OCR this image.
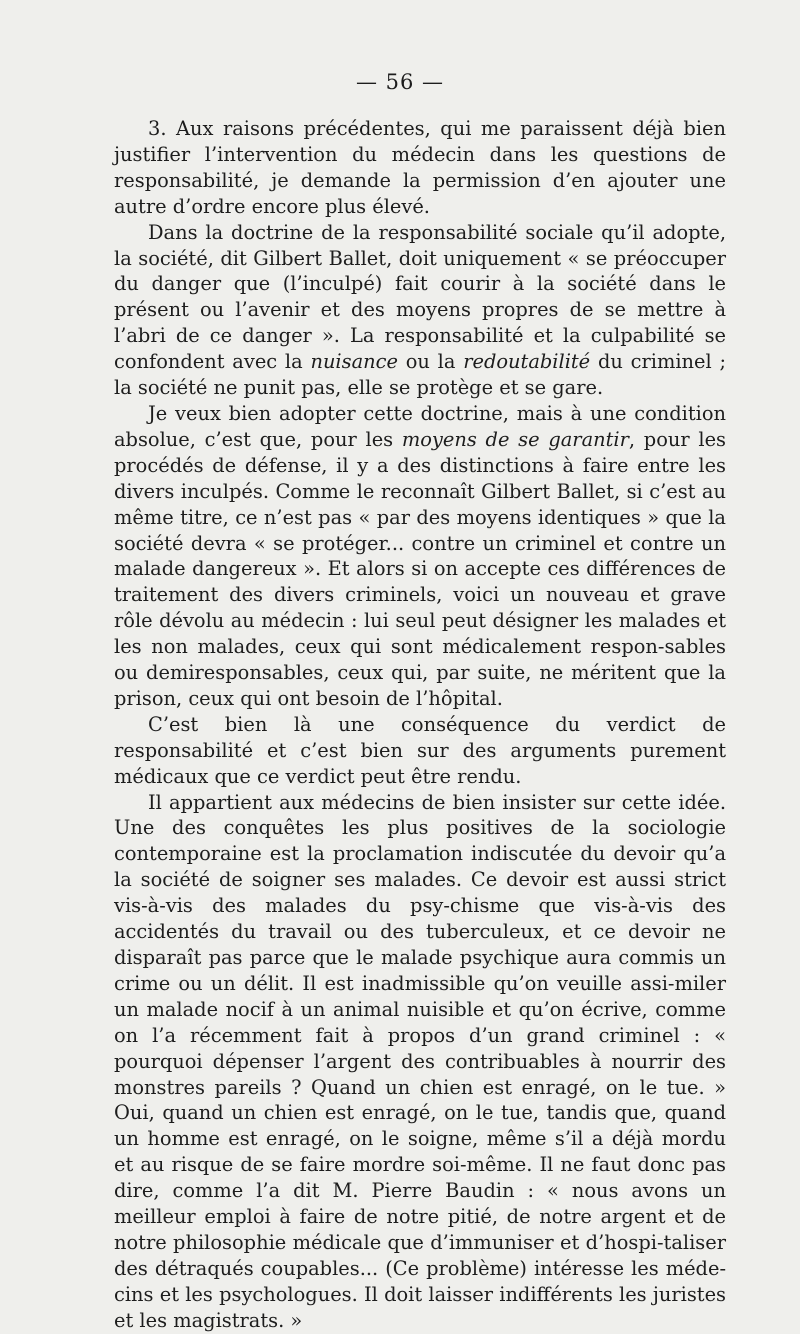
— 56 —

3. Aux raisons précédentes, qui me paraissent déjà bien justifier l’intervention du médecin dans les questions de responsabilité, je demande la permission d’en ajouter une autre d’ordre encore plus élevé.

Dans la doctrine de la responsabilité sociale qu’il adopte, la société, dit Gilbert Ballet, doit uniquement « se préoccuper du danger que (l’inculpé) fait courir à la société dans le présent ou l’avenir et des moyens propres de se mettre à l’abri de ce danger ». La responsabilité et la culpabilité se confondent avec la nuisance ou la redoutabilité du criminel ; la société ne punit pas, elle se protège et se gare.

Je veux bien adopter cette doctrine, mais à une condition absolue, c’est que, pour les moyens de se garantir, pour les procédés de défense, il y a des distinctions à faire entre les divers inculpés. Comme le reconnaît Gilbert Ballet, si c’est au même titre, ce n’est pas « par des moyens identiques » que la société devra « se protéger... contre un criminel et contre un malade dangereux ». Et alors si on accepte ces différences de traitement des divers criminels, voici un nouveau et grave rôle dévolu au médecin : lui seul peut désigner les malades et les non malades, ceux qui sont médicalement respon-sables ou demiresponsables, ceux qui, par suite, ne méritent que la prison, ceux qui ont besoin de l’hôpital.

C’est bien là une conséquence du verdict de responsabilité et c’est bien sur des arguments purement médicaux que ce verdict peut être rendu.

Il appartient aux médecins de bien insister sur cette idée. Une des conquêtes les plus positives de la sociologie contemporaine est la proclamation indiscutée du devoir qu’a la société de soigner ses malades. Ce devoir est aussi strict vis-à-vis des malades du psy-chisme que vis-à-vis des accidentés du travail ou des tuberculeux, et ce devoir ne disparaît pas parce que le malade psychique aura commis un crime ou un délit. Il est inadmissible qu’on veuille assi-miler un malade nocif à un animal nuisible et qu’on écrive, comme on l’a récemment fait à propos d’un grand criminel : « pourquoi dépenser l’argent des contribuables à nourrir des monstres pareils ? Quand un chien est enragé, on le tue. » Oui, quand un chien est enragé, on le tue, tandis que, quand un homme est enragé, on le soigne, même s’il a déjà mordu et au risque de se faire mordre soi-même. Il ne faut donc pas dire, comme l’a dit M. Pierre Baudin : « nous avons un meilleur emploi à faire de notre pitié, de notre argent et de notre philosophie médicale que d’immuniser et d’hospi-taliser des détraqués coupables... (Ce problème) intéresse les méde-cins et les psychologues. Il doit laisser indifférents les juristes et les magistrats. »
